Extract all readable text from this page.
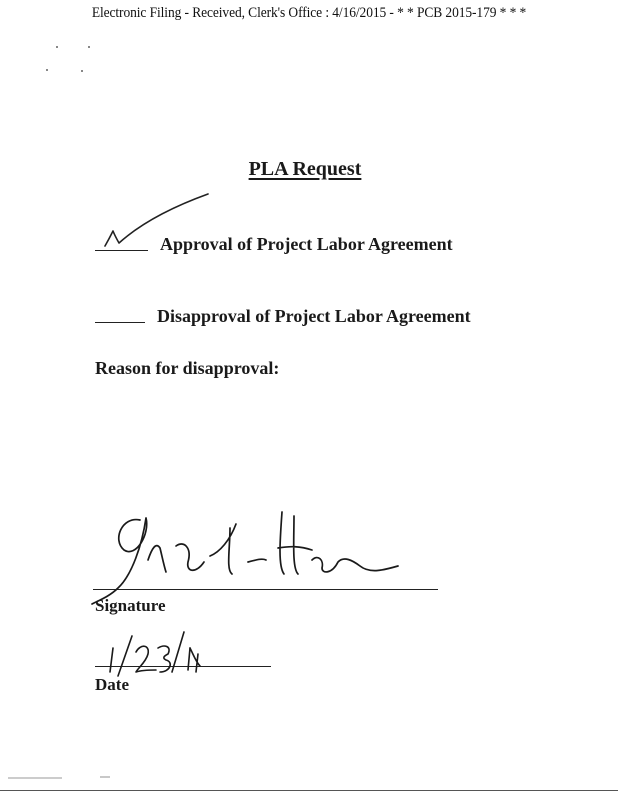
Electronic Filing - Received, Clerk's Office : 4/16/2015 - * * PCB 2015-179 * * *
PLA Request
Approval of Project Labor Agreement
Disapproval of Project Labor Agreement
Reason for disapproval:
Signature
Date
